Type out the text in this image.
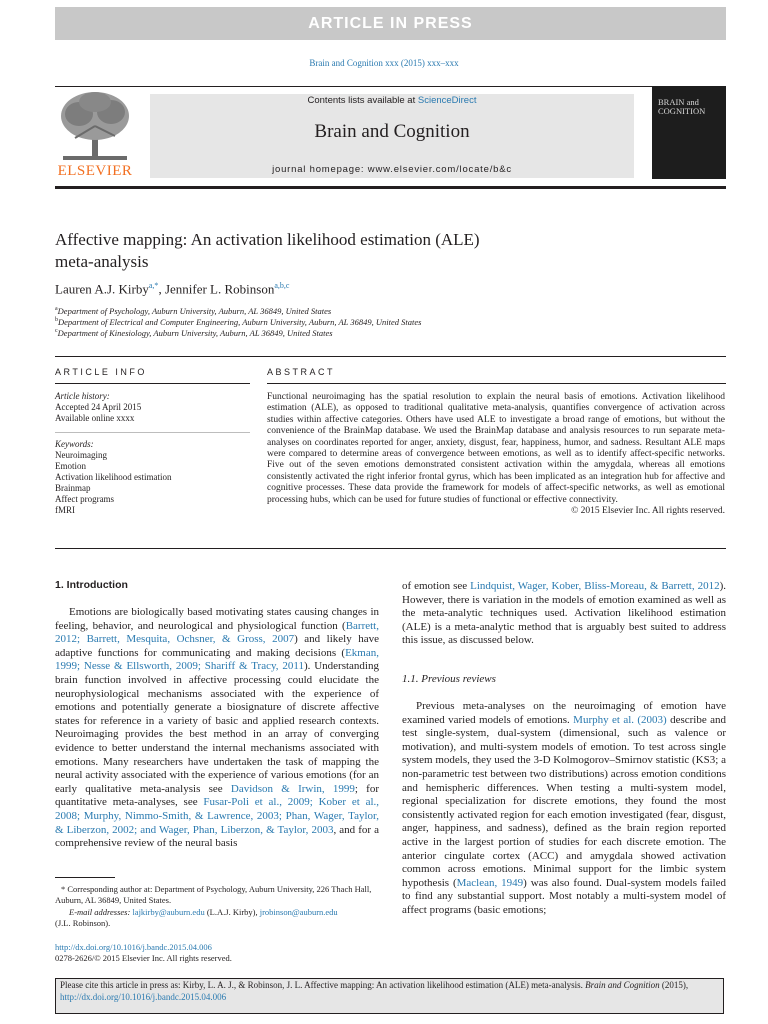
ARTICLE IN PRESS
Brain and Cognition xxx (2015) xxx–xxx
ELSEVIER
Contents lists available at ScienceDirect
Brain and Cognition
journal homepage: www.elsevier.com/locate/b&c
BRAIN and
COGNITION
Affective mapping: An activation likelihood estimation (ALE)
meta-analysis
Lauren A.J. Kirby$^{a,*}$, Jennifer L. Robinson$^{a,b,c}$
$^a$Department of Psychology, Auburn University, Auburn, AL 36849, United States
$^b$Department of Electrical and Computer Engineering, Auburn University, Auburn, AL 36849, United States
$^c$Department of Kinesiology, Auburn University, Auburn, AL 36849, United States
ARTICLE INFO	ABSTRACT
Article history:
Accepted 24 April 2015
Available online xxxx
Keywords:
Neuroimaging
Emotion
Activation likelihood estimation
Brainmap
Affect programs
fMRI

Functional neuroimaging has the spatial resolution to explain the neural basis of emotions. Activation likelihood estimation (ALE), as opposed to traditional qualitative meta-analysis, quantifies convergence of activation across studies within affective categories. Others have used ALE to investigate a broad range of emotions, but without the convenience of the BrainMap database. We used the BrainMap database and analysis resources to run separate meta-analyses on coordinates reported for anger, anxiety, disgust, fear, happiness, humor, and sadness. Resultant ALE maps were compared to determine areas of convergence between emotions, as well as to identify affect-specific networks. Five out of the seven emotions demonstrated consistent activation within the amygdala, whereas all emotions consistently activated the right inferior frontal gyrus, which has been implicated as an integration hub for affective and cognitive processes. These data provide the framework for models of affect-specific networks, as well as emotional processing hubs, which can be used for future studies of functional or effective connectivity.

© 2015 Elsevier Inc. All rights reserved.

1. Introduction
Emotions are biologically based motivating states causing changes in feeling, behavior, and neurological and physiological function (Barrett, 2012; Barrett, Mesquita, Ochsner, & Gross, 2007) and likely have adaptive functions for communicating and making decisions (Ekman, 1999; Nesse & Ellsworth, 2009; Shariff & Tracy, 2011). Understanding brain function involved in affective processing could elucidate the neurophysiological mechanisms associated with the experience of emotions and potentially generate a biosignature of discrete affective states for reference in a variety of basic and applied research contexts. Neuroimaging provides the best method in an array of converging evidence to better understand the internal mechanisms associated with emotions. Many researchers have undertaken the task of mapping the neural activity associated with the experience of various emotions (for an early qualitative meta-analysis see Davidson & Irwin, 1999; for quantitative meta-analyses, see Fusar-Poli et al., 2009; Kober et al., 2008; Murphy, Nimmo-Smith, & Lawrence, 2003; Phan, Wager, Taylor, & Liberzon, 2002; and Wager, Phan, Liberzon, & Taylor, 2003, and for a comprehensive review of the neural basis
of emotion see Lindquist, Wager, Kober, Bliss-Moreau, & Barrett, 2012). However, there is variation in the models of emotion examined as well as the meta-analytic techniques used. Activation likelihood estimation (ALE) is a meta-analytic method that is arguably best suited to address this issue, as discussed below.
1.1. Previous reviews
Previous meta-analyses on the neuroimaging of emotion have examined varied models of emotions. Murphy et al. (2003) describe and test single-system, dual-system (dimensional, such as valence or motivation), and multi-system models of emotion. To test across single system models, they used the 3-D Kolmogorov–Smirnov statistic (KS3; a non-parametric test between two distributions) across emotion conditions and hemispheric differences. When testing a multi-system model, regional specialization for discrete emotions, they found the most consistently activated region for each emotion investigated (fear, disgust, anger, happiness, and sadness), defined as the brain region reported active in the largest portion of studies for each discrete emotion. The anterior cingulate cortex (ACC) and amygdala showed activation common across emotions. Minimal support for the limbic system hypothesis (Maclean, 1949) was also found. Dual-system models failed to find any substantial support. Most notably a multi-system model of affect programs (basic emotions;
* Corresponding author at: Department of Psychology, Auburn University, 226 Thach Hall, Auburn, AL 36849, United States.
E-mail addresses: lajkirby@auburn.edu (L.A.J. Kirby), jrobinson@auburn.edu
(J.L. Robinson).
http://dx.doi.org/10.1016/j.bandc.2015.04.006
0278-2626/© 2015 Elsevier Inc. All rights reserved.
Please cite this article in press as: Kirby, L. A. J., & Robinson, J. L. Affective mapping: An activation likelihood estimation (ALE) meta-analysis. Brain and Cognition (2015), http://dx.doi.org/10.1016/j.bandc.2015.04.006
